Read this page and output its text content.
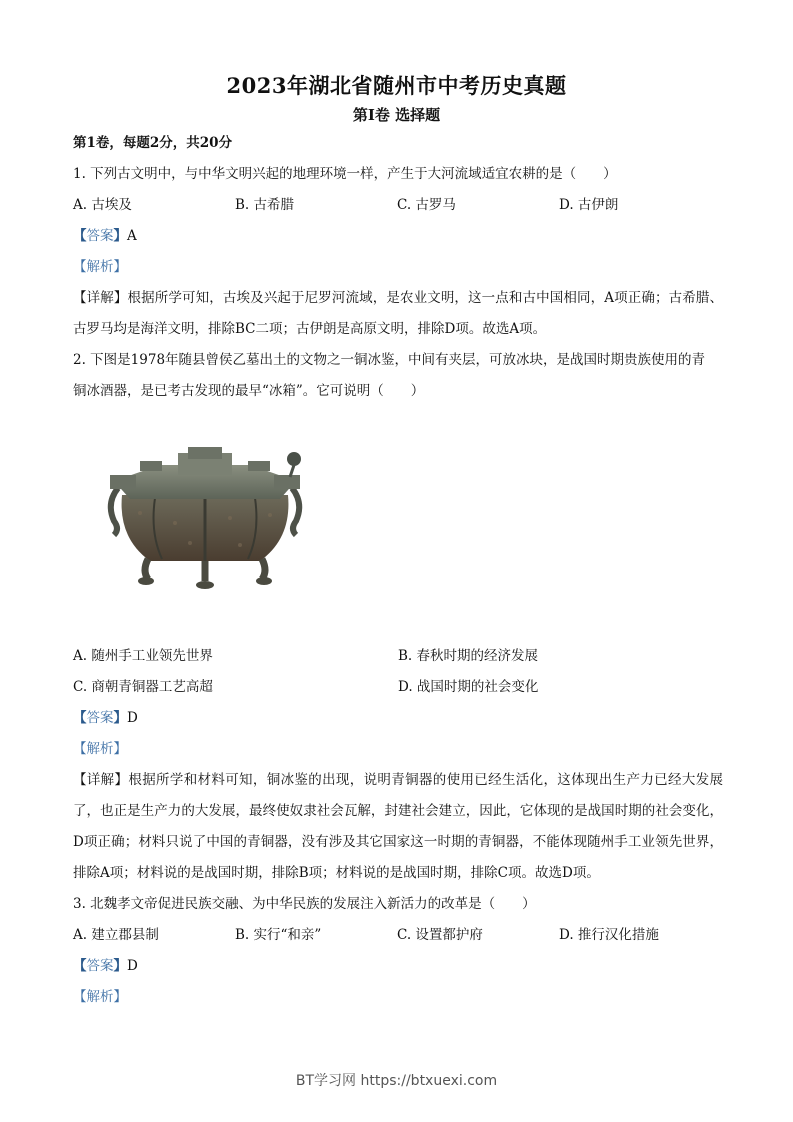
2023年湖北省随州市中考历史真题
第Ⅰ卷 选择题
第1卷，每题2分，共20分
1. 下列古文明中，与中华文明兴起的地理环境一样，产生于大河流域适宜农耕的是（　　）
A. 古埃及	B. 古希腊	C. 古罗马	D. 古伊朗
【答案】A
【解析】
【详解】根据所学可知，古埃及兴起于尼罗河流域，是农业文明，这一点和古中国相同，A项正确；古希腊、古罗马均是海洋文明，排除BC二项；古伊朗是高原文明，排除D项。故选A项。
2. 下图是1978年随县曾侯乙墓出土的文物之一铜冰鉴，中间有夹层，可放冰块，是战国时期贵族使用的青
铜冰酒器，是已考古发现的最早“冰箱”。它可说明（　　）
A. 随州手工业领先世界	B. 春秋时期的经济发展
C. 商朝青铜器工艺高超	D. 战国时期的社会变化
【答案】D
【解析】
【详解】根据所学和材料可知，铜冰鉴的出现，说明青铜器的使用已经生活化，这体现出生产力已经大发展了，也正是生产力的大发展，最终使奴隶社会瓦解，封建社会建立，因此，它体现的是战国时期的社会变化，D项正确；材料只说了中国的青铜器，没有涉及其它国家这一时期的青铜器，不能体现随州手工业领先世界，排除A项；材料说的是战国时期，排除B项；材料说的是战国时期，排除C项。故选D项。
3. 北魏孝文帝促进民族交融、为中华民族的发展注入新活力的改革是（　　）
A. 建立郡县制	B. 实行“和亲”	C. 设置都护府	D. 推行汉化措施
【答案】D
【解析】
BT学习网 https://btxuexi.com
